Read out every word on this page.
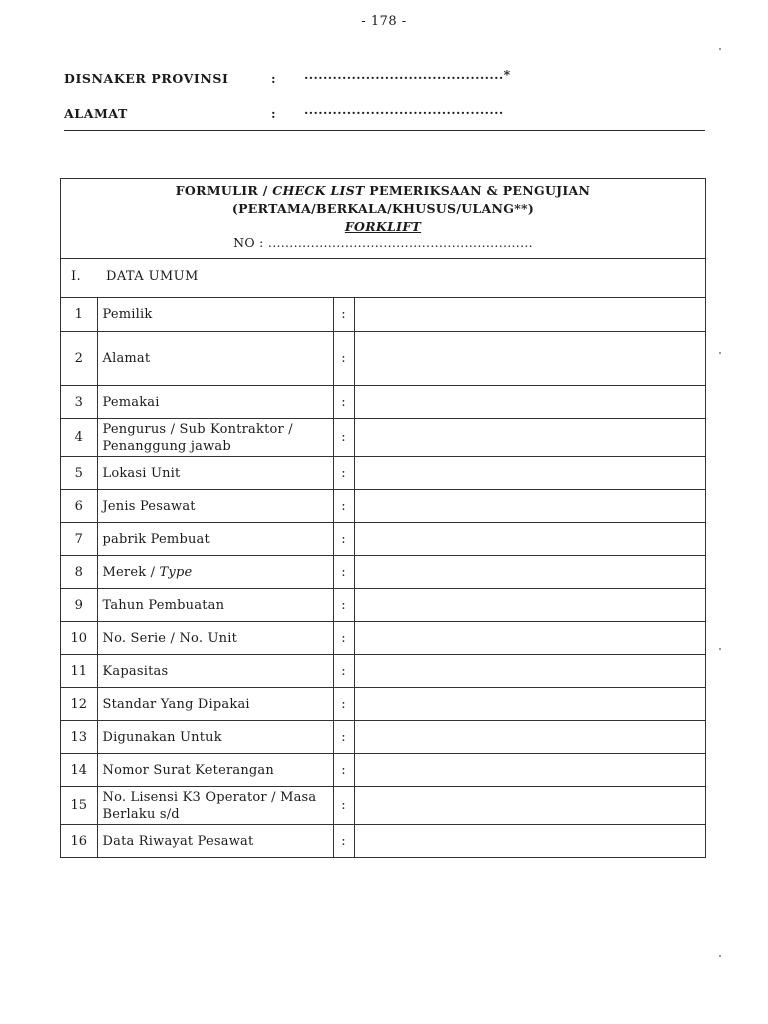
- 178 -
DISNAKER PROVINSI	: ..........................................*
ALAMAT	: ..........................................
FORMULIR / CHECK LIST PEMERIKSAAN & PENGUJIAN
(PERTAMA/BERKALA/KHUSUS/ULANG**)
FORKLIFT
NO : ..............................................................
I. DATA UMUM
1	Pemilik	:	
2	Alamat	:	
3	Pemakai	:	
4	Pengurus / Sub Kontraktor / Penanggung jawab	:	
5	Lokasi Unit	:	
6	Jenis Pesawat	:	
7	pabrik Pembuat	:	
8	Merek / Type	:	
9	Tahun Pembuatan	:	
10	No. Serie / No. Unit	:	
11	Kapasitas	:	
12	Standar Yang Dipakai	:	
13	Digunakan Untuk	:	
14	Nomor Surat Keterangan	:	
15	No. Lisensi K3 Operator / Masa Berlaku s/d	:	
16	Data Riwayat Pesawat	:	
